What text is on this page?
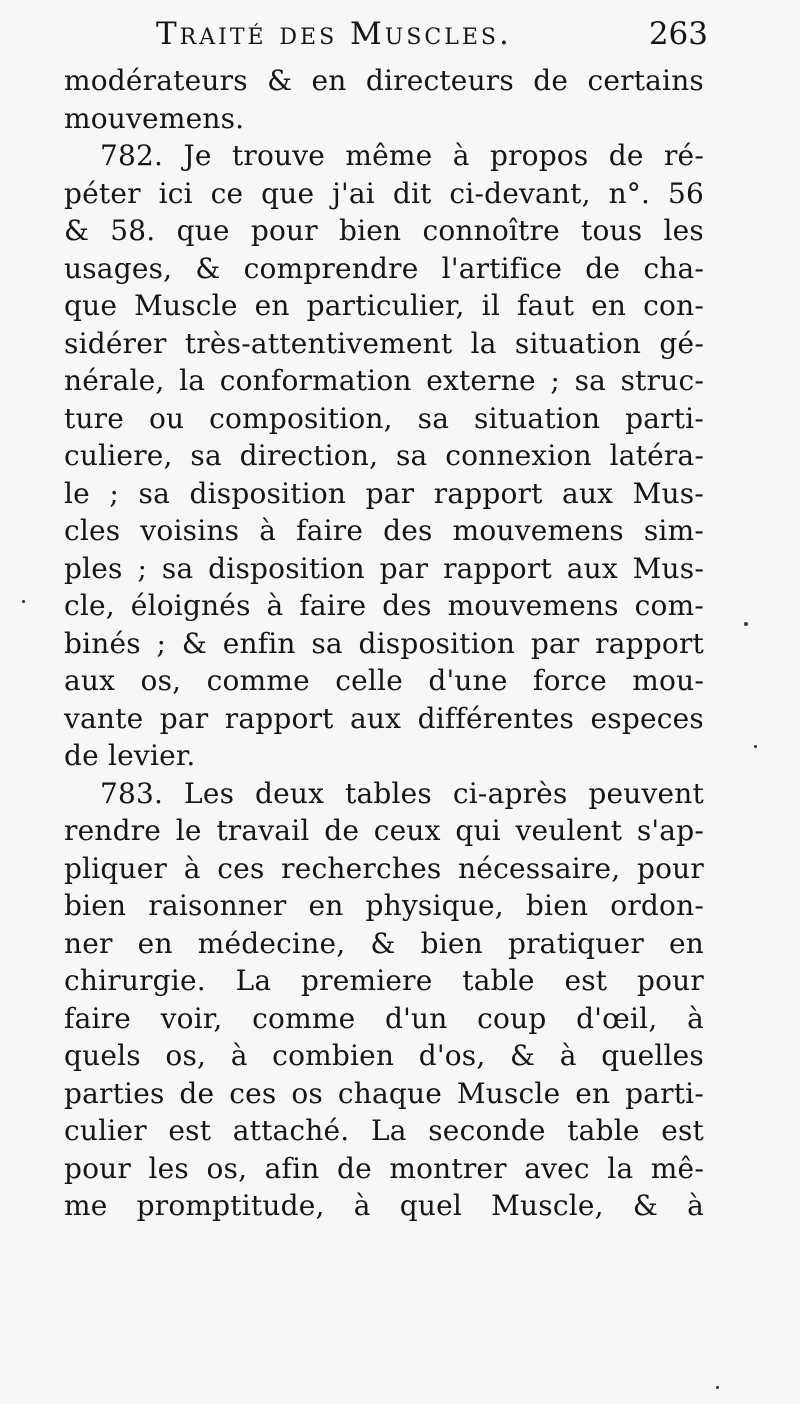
Traité des Muscles.	263
modérateurs & en directeurs de certains
mouvemens.
782. Je trouve même à propos de ré-
péter ici ce que j'ai dit ci-devant, n°. 56
& 58. que pour bien connoître tous les
usages, & comprendre l'artifice de cha-
que Muscle en particulier, il faut en con-
sidérer très-attentivement la situation gé-
nérale, la conformation externe ; sa struc-
ture ou composition, sa situation parti-
culiere, sa direction, sa connexion latéra-
le ; sa disposition par rapport aux Mus-
cles voisins à faire des mouvemens sim-
ples ; sa disposition par rapport aux Mus-
cle, éloignés à faire des mouvemens com-
binés ; & enfin sa disposition par rapport
aux os, comme celle d'une force mou-
vante par rapport aux différentes especes
de levier.
783. Les deux tables ci-après peuvent
rendre le travail de ceux qui veulent s'ap-
pliquer à ces recherches nécessaire, pour
bien raisonner en physique, bien ordon-
ner en médecine, & bien pratiquer en
chirurgie. La premiere table est pour
faire voir, comme d'un coup d'œil, à
quels os, à combien d'os, & à quelles
parties de ces os chaque Muscle en parti-
culier est attaché. La seconde table est
pour les os, afin de montrer avec la mê-
me promptitude, à quel Muscle, & à
